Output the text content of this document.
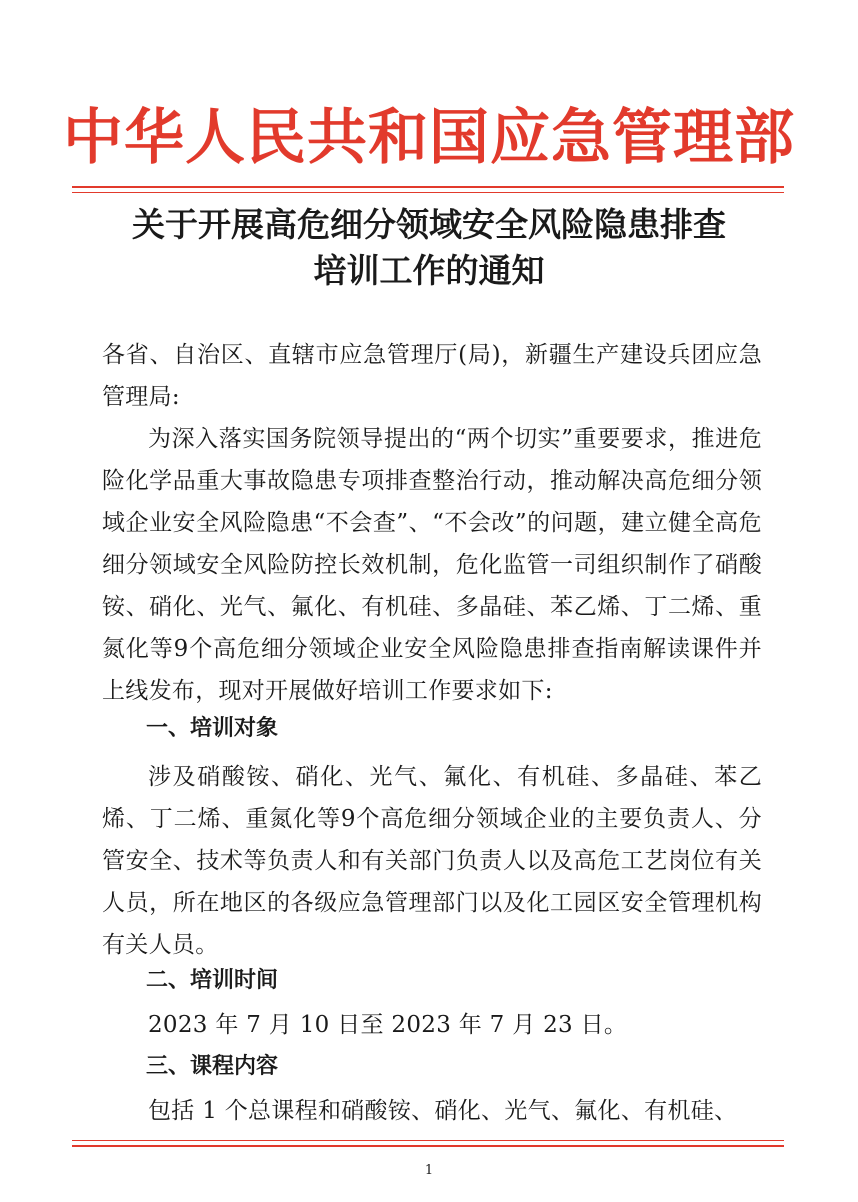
中华人民共和国应急管理部
关于开展高危细分领域安全风险隐患排查
培训工作的通知
各省、自治区、直辖市应急管理厅(局)，新疆生产建设兵团应急管理局:
为深入落实国务院领导提出的“两个切实”重要要求，推进危险化学品重大事故隐患专项排查整治行动，推动解决高危细分领域企业安全风险隐患“不会查”、“不会改”的问题，建立健全高危细分领域安全风险防控长效机制，危化监管一司组织制作了硝酸铵、硝化、光气、氟化、有机硅、多晶硅、苯乙烯、丁二烯、重氮化等9个高危细分领域企业安全风险隐患排查指南解读课件并上线发布，现对开展做好培训工作要求如下:
一、培训对象
涉及硝酸铵、硝化、光气、氟化、有机硅、多晶硅、苯乙烯、丁二烯、重氮化等9个高危细分领域企业的主要负责人、分管安全、技术等负责人和有关部门负责人以及高危工艺岗位有关人员，所在地区的各级应急管理部门以及化工园区安全管理机构有关人员。
二、培训时间
2023 年 7 月 10 日至 2023 年 7 月 23 日。
三、课程内容
包括 1 个总课程和硝酸铵、硝化、光气、氟化、有机硅、
1
